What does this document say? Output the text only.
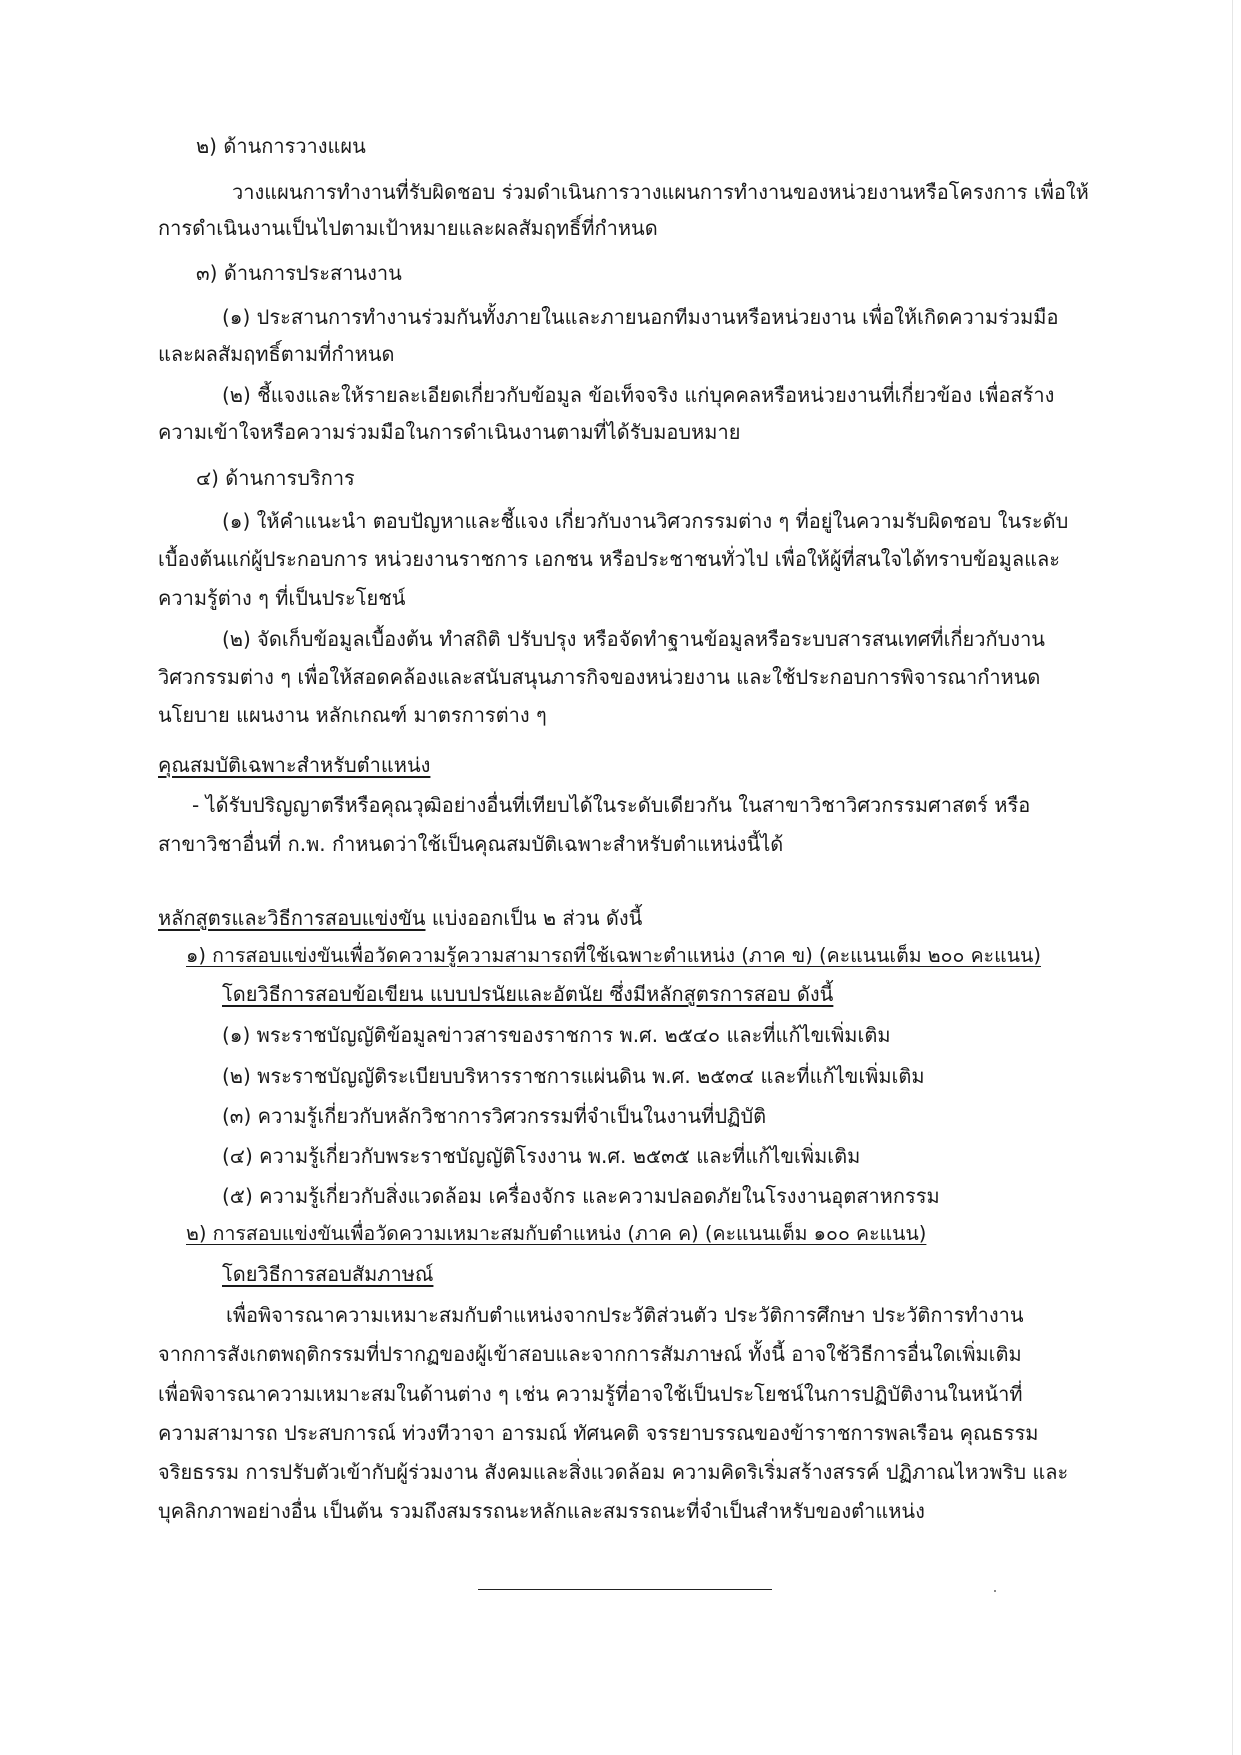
๒) ด้านการวางแผน
วางแผนการทำงานที่รับผิดชอบ ร่วมดำเนินการวางแผนการทำงานของหน่วยงานหรือโครงการ เพื่อให้
การดำเนินงานเป็นไปตามเป้าหมายและผลสัมฤทธิ์ที่กำหนด
๓) ด้านการประสานงาน
(๑) ประสานการทำงานร่วมกันทั้งภายในและภายนอกทีมงานหรือหน่วยงาน เพื่อให้เกิดความร่วมมือ
และผลสัมฤทธิ์ตามที่กำหนด
(๒) ชี้แจงและให้รายละเอียดเกี่ยวกับข้อมูล ข้อเท็จจริง แก่บุคคลหรือหน่วยงานที่เกี่ยวข้อง เพื่อสร้าง
ความเข้าใจหรือความร่วมมือในการดำเนินงานตามที่ได้รับมอบหมาย
๔) ด้านการบริการ
(๑) ให้คำแนะนำ ตอบปัญหาและชี้แจง เกี่ยวกับงานวิศวกรรมต่าง ๆ ที่อยู่ในความรับผิดชอบ ในระดับ
เบื้องต้นแก่ผู้ประกอบการ หน่วยงานราชการ เอกชน หรือประชาชนทั่วไป เพื่อให้ผู้ที่สนใจได้ทราบข้อมูลและ
ความรู้ต่าง ๆ ที่เป็นประโยชน์
(๒) จัดเก็บข้อมูลเบื้องต้น ทำสถิติ ปรับปรุง หรือจัดทำฐานข้อมูลหรือระบบสารสนเทศที่เกี่ยวกับงาน
วิศวกรรมต่าง ๆ เพื่อให้สอดคล้องและสนับสนุนภารกิจของหน่วยงาน และใช้ประกอบการพิจารณากำหนด
นโยบาย แผนงาน หลักเกณฑ์ มาตรการต่าง ๆ
คุณสมบัติเฉพาะสำหรับตำแหน่ง
- ได้รับปริญญาตรีหรือคุณวุฒิอย่างอื่นที่เทียบได้ในระดับเดียวกัน ในสาขาวิชาวิศวกรรมศาสตร์ หรือ
สาขาวิชาอื่นที่ ก.พ. กำหนดว่าใช้เป็นคุณสมบัติเฉพาะสำหรับตำแหน่งนี้ได้
หลักสูตรและวิธีการสอบแข่งขัน แบ่งออกเป็น ๒ ส่วน ดังนี้
๑) การสอบแข่งขันเพื่อวัดความรู้ความสามารถที่ใช้เฉพาะตำแหน่ง (ภาค ข) (คะแนนเต็ม ๒๐๐ คะแนน)
โดยวิธีการสอบข้อเขียน แบบปรนัยและอัตนัย ซึ่งมีหลักสูตรการสอบ ดังนี้
(๑) พระราชบัญญัติข้อมูลข่าวสารของราชการ พ.ศ. ๒๕๔๐ และที่แก้ไขเพิ่มเติม
(๒) พระราชบัญญัติระเบียบบริหารราชการแผ่นดิน พ.ศ. ๒๕๓๔ และที่แก้ไขเพิ่มเติม
(๓) ความรู้เกี่ยวกับหลักวิชาการวิศวกรรมที่จำเป็นในงานที่ปฏิบัติ
(๔) ความรู้เกี่ยวกับพระราชบัญญัติโรงงาน พ.ศ. ๒๕๓๕ และที่แก้ไขเพิ่มเติม
(๕) ความรู้เกี่ยวกับสิ่งแวดล้อม เครื่องจักร และความปลอดภัยในโรงงานอุตสาหกรรม
๒) การสอบแข่งขันเพื่อวัดความเหมาะสมกับตำแหน่ง (ภาค ค) (คะแนนเต็ม ๑๐๐ คะแนน)
โดยวิธีการสอบสัมภาษณ์
เพื่อพิจารณาความเหมาะสมกับตำแหน่งจากประวัติส่วนตัว ประวัติการศึกษา ประวัติการทำงาน
จากการสังเกตพฤติกรรมที่ปรากฏของผู้เข้าสอบและจากการสัมภาษณ์ ทั้งนี้ อาจใช้วิธีการอื่นใดเพิ่มเติม
เพื่อพิจารณาความเหมาะสมในด้านต่าง ๆ เช่น ความรู้ที่อาจใช้เป็นประโยชน์ในการปฏิบัติงานในหน้าที่
ความสามารถ ประสบการณ์ ท่วงทีวาจา อารมณ์ ทัศนคติ จรรยาบรรณของข้าราชการพลเรือน คุณธรรม
จริยธรรม การปรับตัวเข้ากับผู้ร่วมงาน สังคมและสิ่งแวดล้อม ความคิดริเริ่มสร้างสรรค์ ปฏิภาณไหวพริบ และ
บุคลิกภาพอย่างอื่น เป็นต้น รวมถึงสมรรถนะหลักและสมรรถนะที่จำเป็นสำหรับของตำแหน่ง
